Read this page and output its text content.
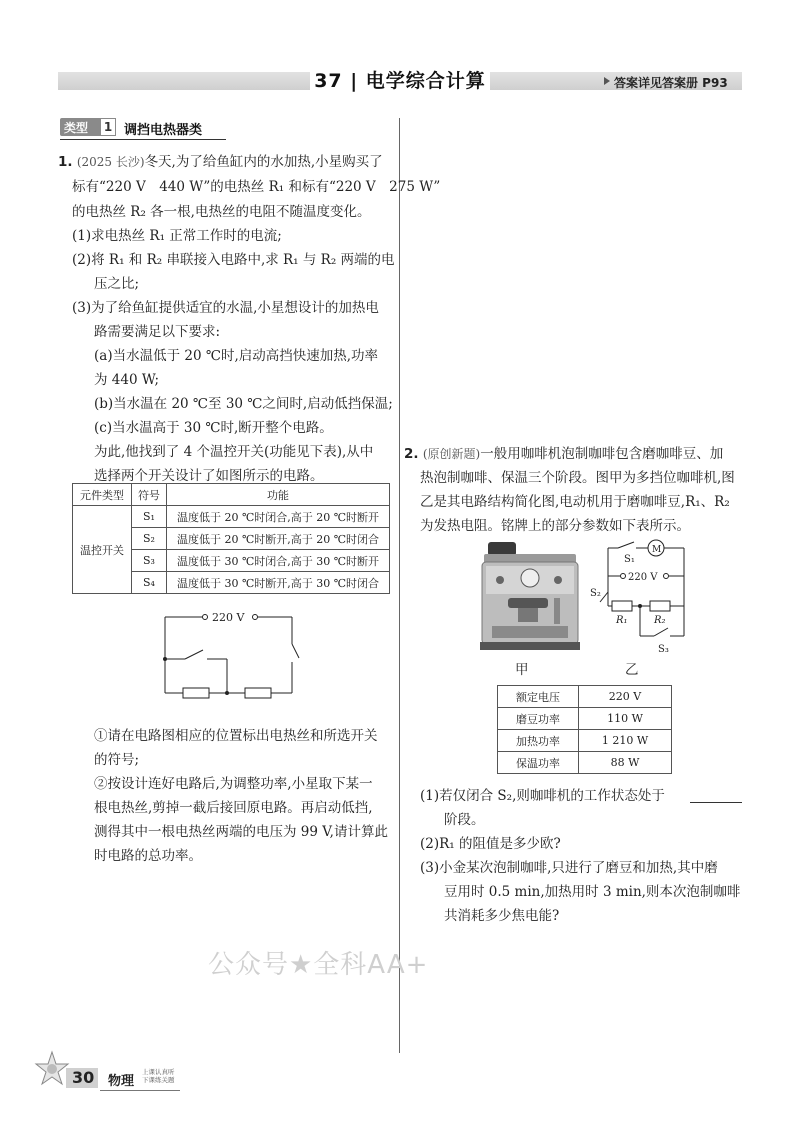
37 | 电学综合计算	答案详见答案册 P93
类型	1 调挡电热器类
1. (2025 长沙)冬天,为了给鱼缸内的水加热,小星购买了
标有“220 V　440 W”的电热丝 R₁ 和标有“220 V　275 W”
的电热丝 R₂ 各一根,电热丝的电阻不随温度变化。
(1)求电热丝 R₁ 正常工作时的电流;
(2)将 R₁ 和 R₂ 串联接入电路中,求 R₁ 与 R₂ 两端的电
压之比;
(3)为了给鱼缸提供适宜的水温,小星想设计的加热电
路需要满足以下要求:
(a)当水温低于 20 ℃时,启动高挡快速加热,功率
为 440 W;
(b)当水温在 20 ℃至 30 ℃之间时,启动低挡保温;
(c)当水温高于 30 ℃时,断开整个电路。
为此,他找到了 4 个温控开关(功能见下表),从中
选择两个开关设计了如图所示的电路。
元件类型	符号	功能
温控开关	S₁	温度低于 20 ℃时闭合,高于 20 ℃时断开
	S₂	温度低于 20 ℃时断开,高于 20 ℃时闭合
	S₃	温度低于 30 ℃时闭合,高于 30 ℃时断开
	S₄	温度低于 30 ℃时断开,高于 30 ℃时闭合
220 V
①请在电路图相应的位置标出电热丝和所选开关
的符号;
②按设计连好电路后,为调整功率,小星取下某一
根电热丝,剪掉一截后接回原电路。再启动低挡,
测得其中一根电热丝两端的电压为 99 V,请计算此
时电路的总功率。
2. (原创新题)一般用咖啡机泡制咖啡包含磨咖啡豆、加
热泡制咖啡、保温三个阶段。图甲为多挡位咖啡机,图
乙是其电路结构简化图,电动机用于磨咖啡豆,R₁、R₂
为发热电阻。铭牌上的部分参数如下表所示。
甲
S₁
M
220 V
S₂
R₁	R₂
S₃
乙
额定电压	220 V
磨豆功率	110 W
加热功率	1 210 W
保温功率	88 W
(1)若仅闭合 S₂,则咖啡机的工作状态处于
阶段。
(2)R₁ 的阻值是多少欧?
(3)小金某次泡制咖啡,只进行了磨豆和加热,其中磨
豆用时 0.5 min,加热用时 3 min,则本次泡制咖啡
共消耗多少焦电能?
公众号★全科AA+
30 物理
上课认真听
下课练关题
